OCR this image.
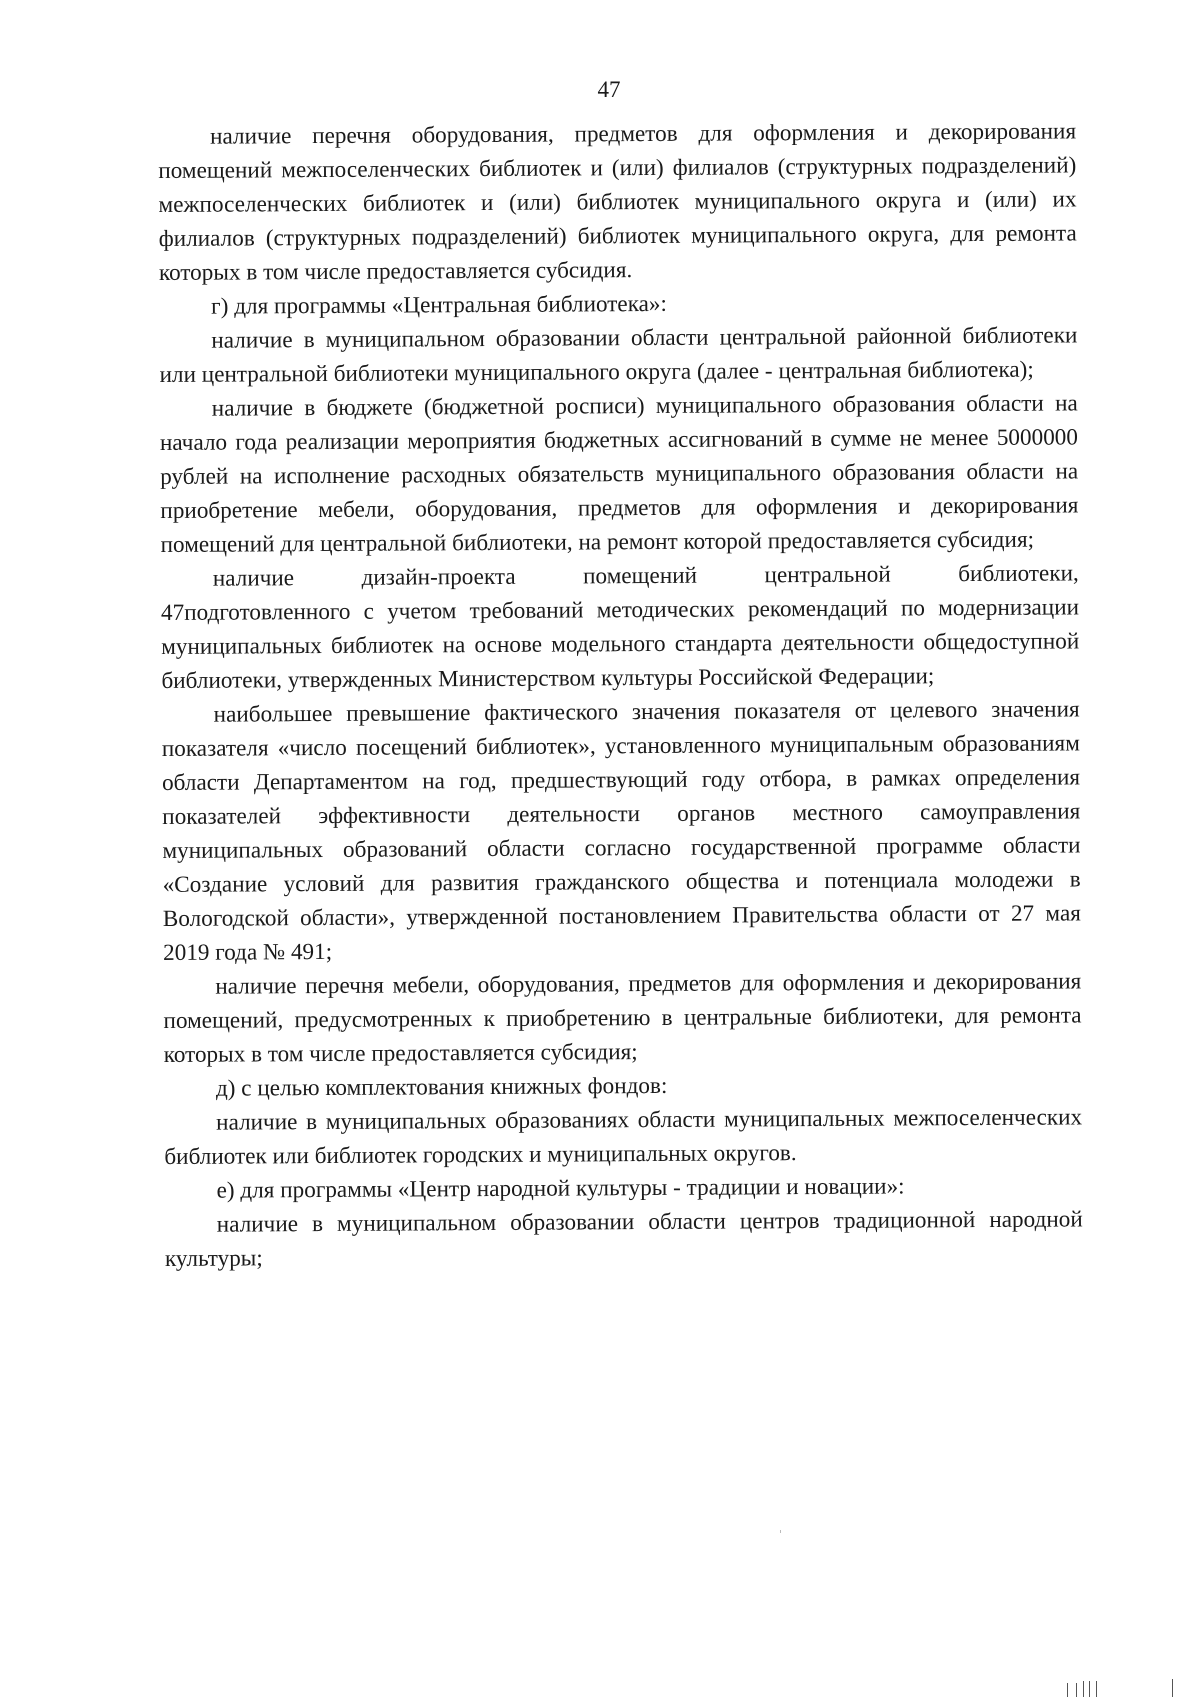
47

наличие перечня оборудования, предметов для оформления и декорирования помещений межпоселенческих библиотек и (или) филиалов (структурных подразделений) межпоселенческих библиотек и (или) библиотек муниципального округа и (или) их филиалов (структурных подразделений) библиотек муниципального округа, для ремонта которых в том числе предоставляется субсидия.

г) для программы «Центральная библиотека»:

наличие в муниципальном образовании области центральной районной библиотеки или центральной библиотеки муниципального округа (далее - центральная библиотека);

наличие в бюджете (бюджетной росписи) муниципального образования области на начало года реализации мероприятия бюджетных ассигнований в сумме не менее 5000000 рублей на исполнение расходных обязательств муниципального образования области на приобретение мебели, оборудования, предметов для оформления и декорирования помещений для центральной библиотеки, на ремонт которой предоставляется субсидия;

наличие дизайн-проекта помещений центральной библиотеки,

47подготовленного с учетом требований методических рекомендаций по модернизации муниципальных библиотек на основе модельного стандарта деятельности общедоступной библиотеки, утвержденных Министерством культуры Российской Федерации;

наибольшее превышение фактического значения показателя от целевого значения показателя «число посещений библиотек», установленного муниципальным образованиям области Департаментом на год, предшествующий году отбора, в рамках определения показателей эффективности деятельности органов местного самоуправления муниципальных образований области согласно государственной программе области «Создание условий для развития гражданского общества и потенциала молодежи в Вологодской области», утвержденной постановлением Правительства области от 27 мая 2019 года № 491;

наличие перечня мебели, оборудования, предметов для оформления и декорирования помещений, предусмотренных к приобретению в центральные библиотеки, для ремонта которых в том числе предоставляется субсидия;

д) с целью комплектования книжных фондов:

наличие в муниципальных образованиях области муниципальных межпоселенческих библиотек или библиотек городских и муниципальных округов.

е) для программы «Центр народной культуры - традиции и новации»:

наличие в муниципальном образовании области центров традиционной народной культуры;
